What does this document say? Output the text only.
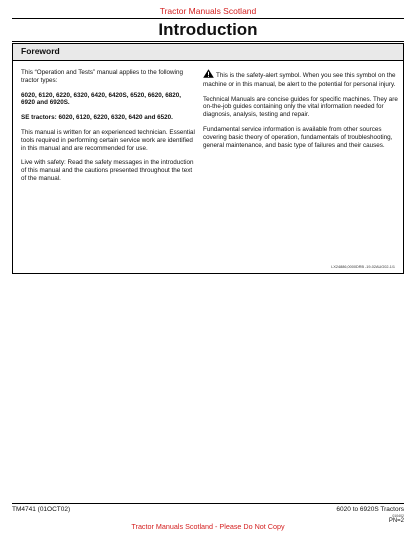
Tractor Manuals Scotland
Introduction
Foreword

This “Operation and Tests” manual applies to the following tractor types:

6020, 6120, 6220, 6320, 6420, 6420S, 6520, 6620, 6820, 6920 and 6920S.

SE tractors: 6020, 6120, 6220, 6320, 6420 and 6520.

This manual is written for an experienced technician. Essential tools required in performing certain service work are identified in this manual and are recommended for use.

Live with safety: Read the safety messages in the introduction of this manual and the cautions presented throughout the text of the manual.

This is the safety-alert symbol. When you see this symbol on the machine or in this manual, be alert to the potential for personal injury.

Technical Manuals are concise guides for specific machines. They are on-the-job guides containing only the vital information needed for diagnosis, analysis, testing and repair.

Fundamental service information is available from other sources covering basic theory of operation, fundamentals of troubleshooting, general maintenance, and basic type of failures and their causes.

LX24886,0000DRB -19-02AUG02-1/1
TM4741 (01OCT02)	6020 to 6920S Tractors
010402
PN=2
Tractor Manuals Scotland - Please Do Not Copy
